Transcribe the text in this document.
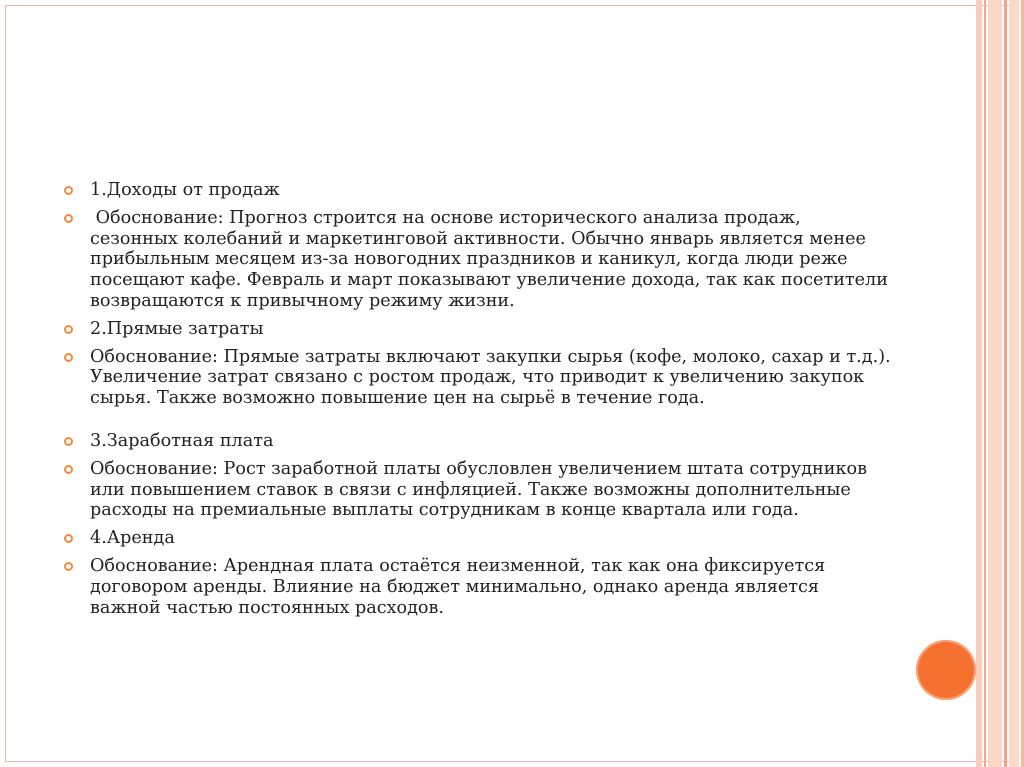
1.Доходы от продаж
Обоснование: Прогноз строится на основе исторического анализа продаж, сезонных колебаний и маркетинговой активности. Обычно январь является менее прибыльным месяцем из-за новогодних праздников и каникул, когда люди реже посещают кафе. Февраль и март показывают увеличение дохода, так как посетители возвращаются к привычному режиму жизни.
2.Прямые затраты
Обоснование: Прямые затраты включают закупки сырья (кофе, молоко, сахар и т.д.). Увеличение затрат связано с ростом продаж, что приводит к увеличению закупок сырья. Также возможно повышение цен на сырьё в течение года.
3.Заработная плата
Обоснование: Рост заработной платы обусловлен увеличением штата сотрудников или повышением ставок в связи с инфляцией. Также возможны дополнительные расходы на премиальные выплаты сотрудникам в конце квартала или года.
4.Аренда
Обоснование: Арендная плата остаётся неизменной, так как она фиксируется договором аренды. Влияние на бюджет минимально, однако аренда является важной частью постоянных расходов.
